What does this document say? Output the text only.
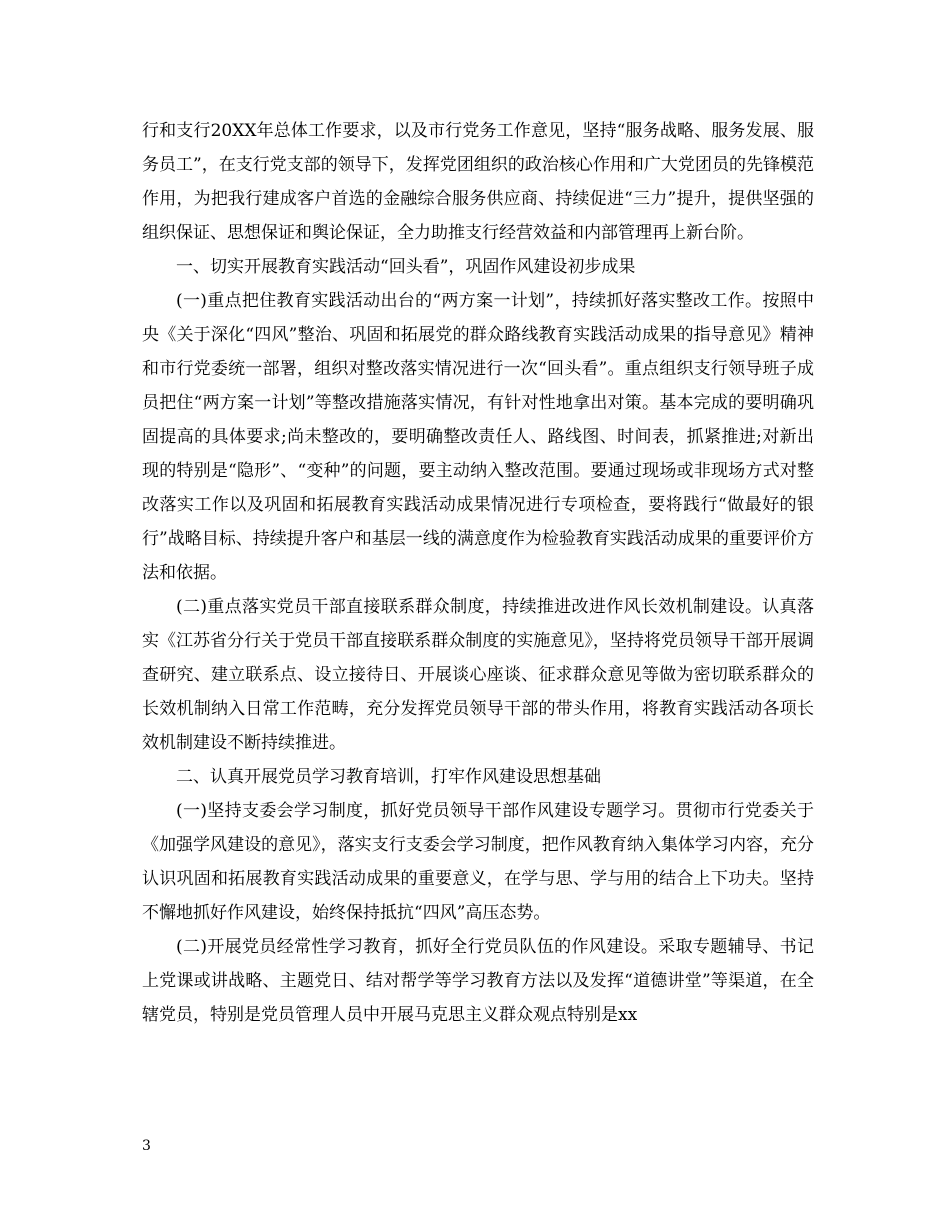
行和支行20XX年总体工作要求，以及市行党务工作意见，坚持“服务战略、服务发展、服务员工”，在支行党支部的领导下，发挥党团组织的政治核心作用和广大党团员的先锋模范作用，为把我行建成客户首选的金融综合服务供应商、持续促进“三力”提升，提供坚强的组织保证、思想保证和舆论保证，全力助推支行经营效益和内部管理再上新台阶。

一、切实开展教育实践活动“回头看”，巩固作风建设初步成果

(一)重点把住教育实践活动出台的“两方案一计划”，持续抓好落实整改工作。按照中央《关于深化“四风”整治、巩固和拓展党的群众路线教育实践活动成果的指导意见》精神和市行党委统一部署，组织对整改落实情况进行一次“回头看”。重点组织支行领导班子成员把住“两方案一计划”等整改措施落实情况，有针对性地拿出对策。基本完成的要明确巩固提高的具体要求;尚未整改的，要明确整改责任人、路线图、时间表，抓紧推进;对新出现的特别是“隐形”、“变种”的问题，要主动纳入整改范围。要通过现场或非现场方式对整改落实工作以及巩固和拓展教育实践活动成果情况进行专项检查，要将践行“做最好的银行”战略目标、持续提升客户和基层一线的满意度作为检验教育实践活动成果的重要评价方法和依据。

(二)重点落实党员干部直接联系群众制度，持续推进改进作风长效机制建设。认真落实《江苏省分行关于党员干部直接联系群众制度的实施意见》，坚持将党员领导干部开展调查研究、建立联系点、设立接待日、开展谈心座谈、征求群众意见等做为密切联系群众的长效机制纳入日常工作范畴，充分发挥党员领导干部的带头作用，将教育实践活动各项长效机制建设不断持续推进。

二、认真开展党员学习教育培训，打牢作风建设思想基础

(一)坚持支委会学习制度，抓好党员领导干部作风建设专题学习。贯彻市行党委关于《加强学风建设的意见》，落实支行支委会学习制度，把作风教育纳入集体学习内容，充分认识巩固和拓展教育实践活动成果的重要意义，在学与思、学与用的结合上下功夫。坚持不懈地抓好作风建设，始终保持抵抗“四风”高压态势。

(二)开展党员经常性学习教育，抓好全行党员队伍的作风建设。采取专题辅导、书记上党课或讲战略、主题党日、结对帮学等学习教育方法以及发挥“道德讲堂”等渠道，在全辖党员，特别是党员管理人员中开展马克思主义群众观点特别是xx

3
